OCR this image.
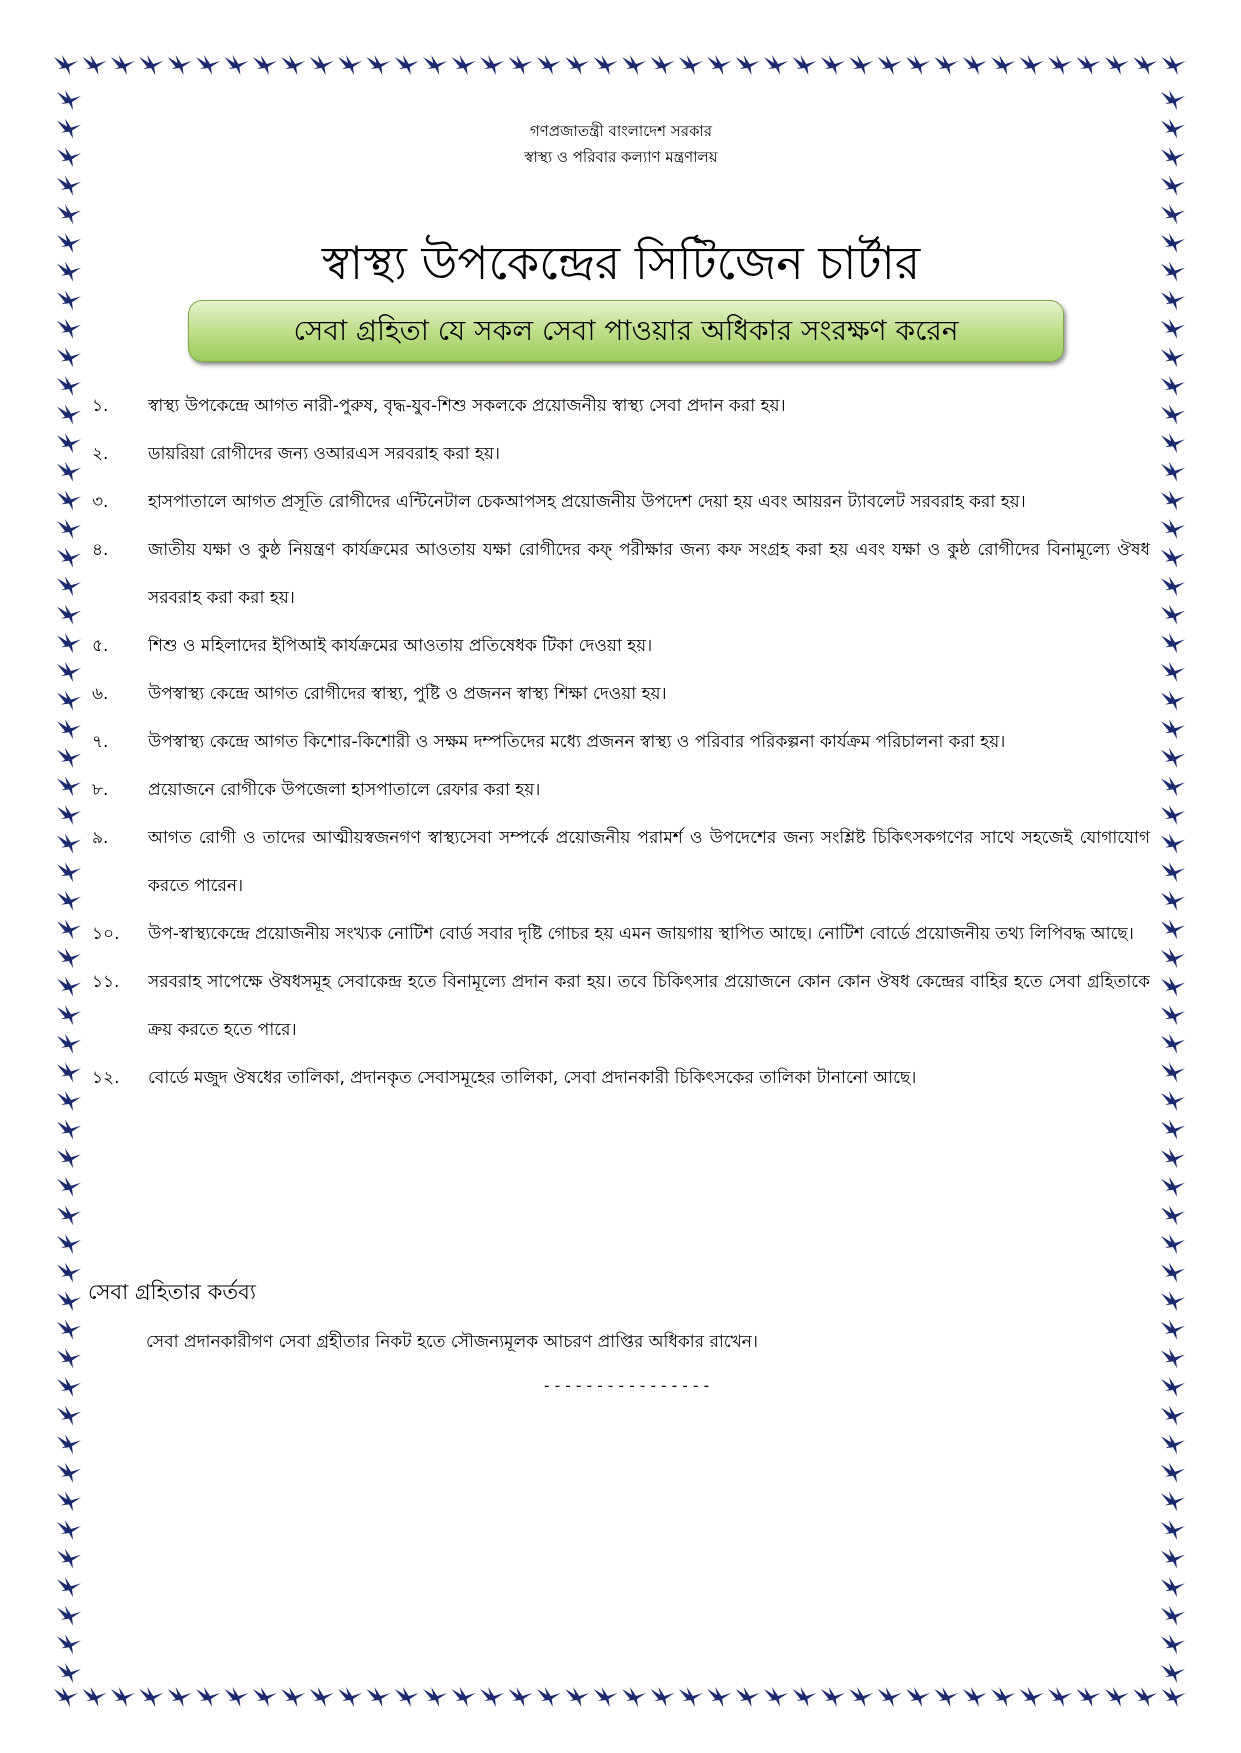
গণপ্রজাতন্ত্রী বাংলাদেশ সরকার
স্বাস্থ্য ও পরিবার কল্যাণ মন্ত্রণালয়
স্বাস্থ্য উপকেন্দ্রের সিটিজেন চার্টার
সেবা গ্রহিতা যে সকল সেবা পাওয়ার অধিকার সংরক্ষণ করেন
১.	স্বাস্থ্য উপকেন্দ্রে আগত নারী-পুরুষ, বৃদ্ধ-যুব-শিশু সকলকে প্রয়োজনীয় স্বাস্থ্য সেবা প্রদান করা হয়।
২.	ডায়রিয়া রোগীদের জন্য ওআরএস সরবরাহ করা হয়।
৩.	হাসপাতালে আগত প্রসূতি রোগীদের এন্টিনেটাল চেকআপসহ প্রয়োজনীয় উপদেশ দেয়া হয় এবং আয়রন ট্যাবলেট সরবরাহ করা হয়।
৪.	জাতীয় যক্ষা ও কুষ্ঠ নিয়ন্ত্রণ কার্যক্রমের আওতায় যক্ষা রোগীদের কফ্ পরীক্ষার জন্য কফ সংগ্রহ করা হয় এবং যক্ষা ও কুষ্ঠ রোগীদের বিনামূল্যে ঔষধ সরবরাহ করা করা হয়।
৫.	শিশু ও মহিলাদের ইপিআই কার্যক্রমের আওতায় প্রতিষেধক টিকা দেওয়া হয়।
৬.	উপস্বাস্থ্য কেন্দ্রে আগত রোগীদের স্বাস্থ্য, পুষ্টি ও প্রজনন স্বাস্থ্য শিক্ষা দেওয়া হয়।
৭.	উপস্বাস্থ্য কেন্দ্রে আগত কিশোর-কিশোরী ও সক্ষম দম্পতিদের মধ্যে প্রজনন স্বাস্থ্য ও পরিবার পরিকল্পনা কার্যক্রম পরিচালনা করা হয়।
৮.	প্রয়োজনে রোগীকে উপজেলা হাসপাতালে রেফার করা হয়।
৯.	আগত রোগী ও তাদের আত্মীয়স্বজনগণ স্বাস্থ্যসেবা সম্পর্কে প্রয়োজনীয় পরামর্শ ও উপদেশের জন্য সংশ্লিষ্ট চিকিৎসকগণের সাথে সহজেই যোগাযোগ করতে পারেন।
১০.	উপ-স্বাস্থ্যকেন্দ্রে প্রয়োজনীয় সংখ্যক নোটিশ বোর্ড সবার দৃষ্টি গোচর হয় এমন জায়গায় স্থাপিত আছে। নোটিশ বোর্ডে প্রয়োজনীয় তথ্য লিপিবদ্ধ আছে।
১১.	সরবরাহ সাপেক্ষে ঔষধসমূহ সেবাকেন্দ্র হতে বিনামূল্যে প্রদান করা হয়। তবে চিকিৎসার প্রয়োজনে কোন কোন ঔষধ কেন্দ্রের বাহির হতে সেবা গ্রহিতাকে ক্রয় করতে হতে পারে।
১২.	বোর্ডে মজুদ ঔষধের তালিকা, প্রদানকৃত সেবাসমূহের তালিকা, সেবা প্রদানকারী চিকিৎসকের তালিকা টানানো আছে।
সেবা গ্রহিতার কর্তব্য
সেবা প্রদানকারীগণ সেবা গ্রহীতার নিকট হতে সৌজন্যমূলক আচরণ প্রাপ্তির অধিকার রাখেন।
----------------
